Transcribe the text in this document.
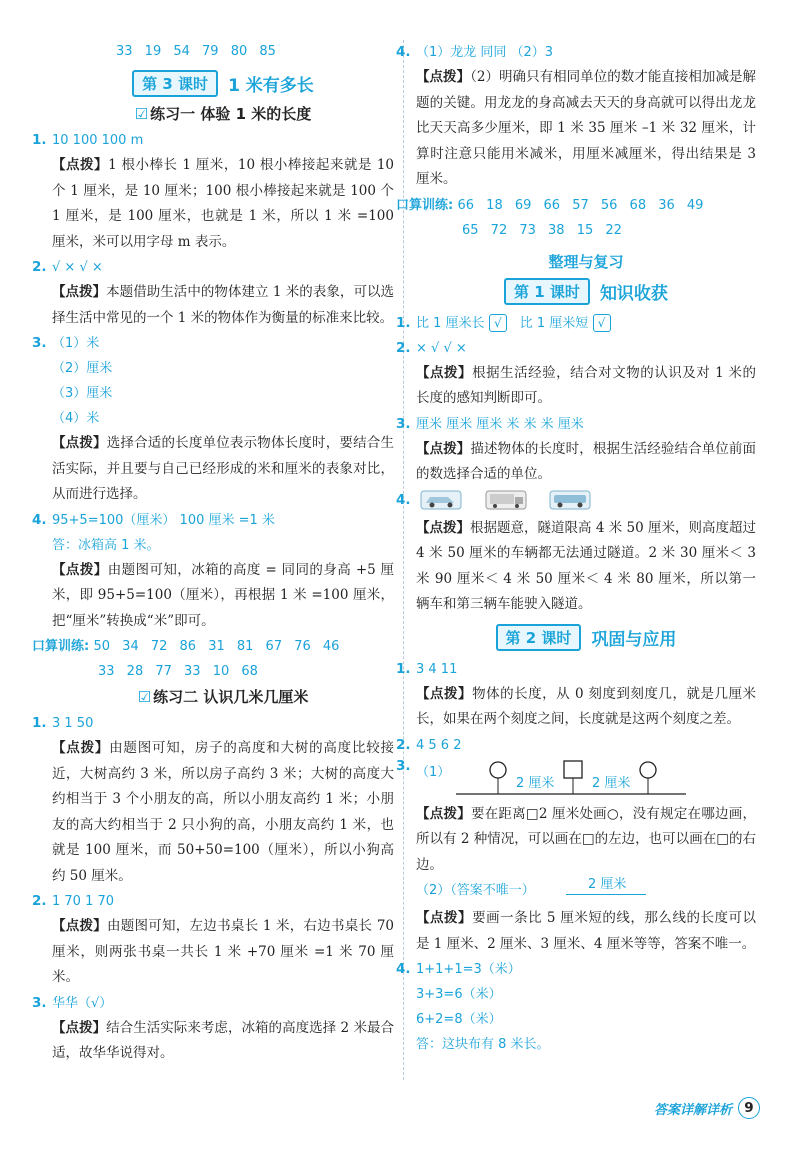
33 19 54 79 80 85
第 3 课时	1 米有多长
☑ 练习一 体验 1 米的长度
1. 10 100 100 m

【点拨】1 根小棒长 1 厘米，10 根小棒接起来就是 10 个 1 厘米，是 10 厘米；100 根小棒接起来就是 100 个 1 厘米，是 100 厘米，也就是 1 米，所以 1 米 =100 厘米，米可以用字母 m 表示。

2. √ × √ ×

【点拨】本题借助生活中的物体建立 1 米的表象，可以选择生活中常见的一个 1 米的物体作为衡量的标准来比较。

3. （1）米
（2）厘米
（3）厘米
（4）米

【点拨】选择合适的长度单位表示物体长度时，要结合生活实际，并且要与自己已经形成的米和厘米的表象对比，从而进行选择。

4. 95+5=100（厘米） 100 厘米 =1 米
答：冰箱高 1 米。

【点拨】由题图可知，冰箱的高度 = 同同的身高 +5 厘米，即 95+5=100（厘米），再根据 1 米 =100 厘米，把“厘米”转换成“米”即可。

口算训练: 50 34 72 86 31 81 67 76 46
33 28 77 33 10 68
☑ 练习二 认识几米几厘米
1. 3 1 50

【点拨】由题图可知，房子的高度和大树的高度比较接近，大树高约 3 米，所以房子高约 3 米；大树的高度大约相当于 3 个小朋友的高，所以小朋友高约 1 米；小朋友的高大约相当于 2 只小狗的高，小朋友高约 1 米，也就是 100 厘米，而 50+50=100（厘米），所以小狗高约 50 厘米。

2. 1 70 1 70

【点拨】由题图可知，左边书桌长 1 米，右边书桌长 70 厘米，则两张书桌一共长 1 米 +70 厘米 =1 米 70 厘米。

3. 华华（√）

【点拨】结合生活实际来考虑，冰箱的高度选择 2 米最合适，故华华说得对。

4. （1）龙龙 同同 （2）3

【点拨】（2）明确只有相同单位的数才能直接相加减是解题的关键。用龙龙的身高减去天天的身高就可以得出龙龙比天天高多少厘米，即 1 米 35 厘米 –1 米 32 厘米，计算时注意只能用米减米，用厘米减厘米，得出结果是 3 厘米。

口算训练: 66 18 69 66 57 56 68 36 49
65 72 73 38 15 22
整理与复习
第 1 课时	知识收获
1. 比 1 厘米长 √ 比 1 厘米短 √
2. × √ √ ×

【点拨】根据生活经验，结合对文物的认识及对 1 米的长度的感知判断即可。

3. 厘米 厘米 厘米 米 米 米 厘米

【点拨】描述物体的长度时，根据生活经验结合单位前面的数选择合适的单位。

4.

【点拨】根据题意，隧道限高 4 米 50 厘米，则高度超过 4 米 50 厘米的车辆都无法通过隧道。2 米 30 厘米＜ 3 米 90 厘米＜ 4 米 50 厘米＜ 4 米 80 厘米，所以第一辆车和第三辆车能驶入隧道。

第 2 课时	巩固与应用
1. 3 4 11

【点拨】物体的长度，从 0 刻度到刻度几，就是几厘米长，如果在两个刻度之间，长度就是这两个刻度之差。

2. 4 5 6 2
3. （1）
2 厘米	2 厘米

【点拨】要在距离□2 厘米处画○，没有规定在哪边画，所以有 2 种情况，可以画在□的左边，也可以画在□的右边。

（2）（答案不唯一）	2 厘米

【点拨】要画一条比 5 厘米短的线，那么线的长度可以是 1 厘米、2 厘米、3 厘米、4 厘米等等，答案不唯一。

4. 1+1+1=3（米）
3+3=6（米）
6+2=8（米）
答：这块布有 8 米长。
答案详解详析 9
